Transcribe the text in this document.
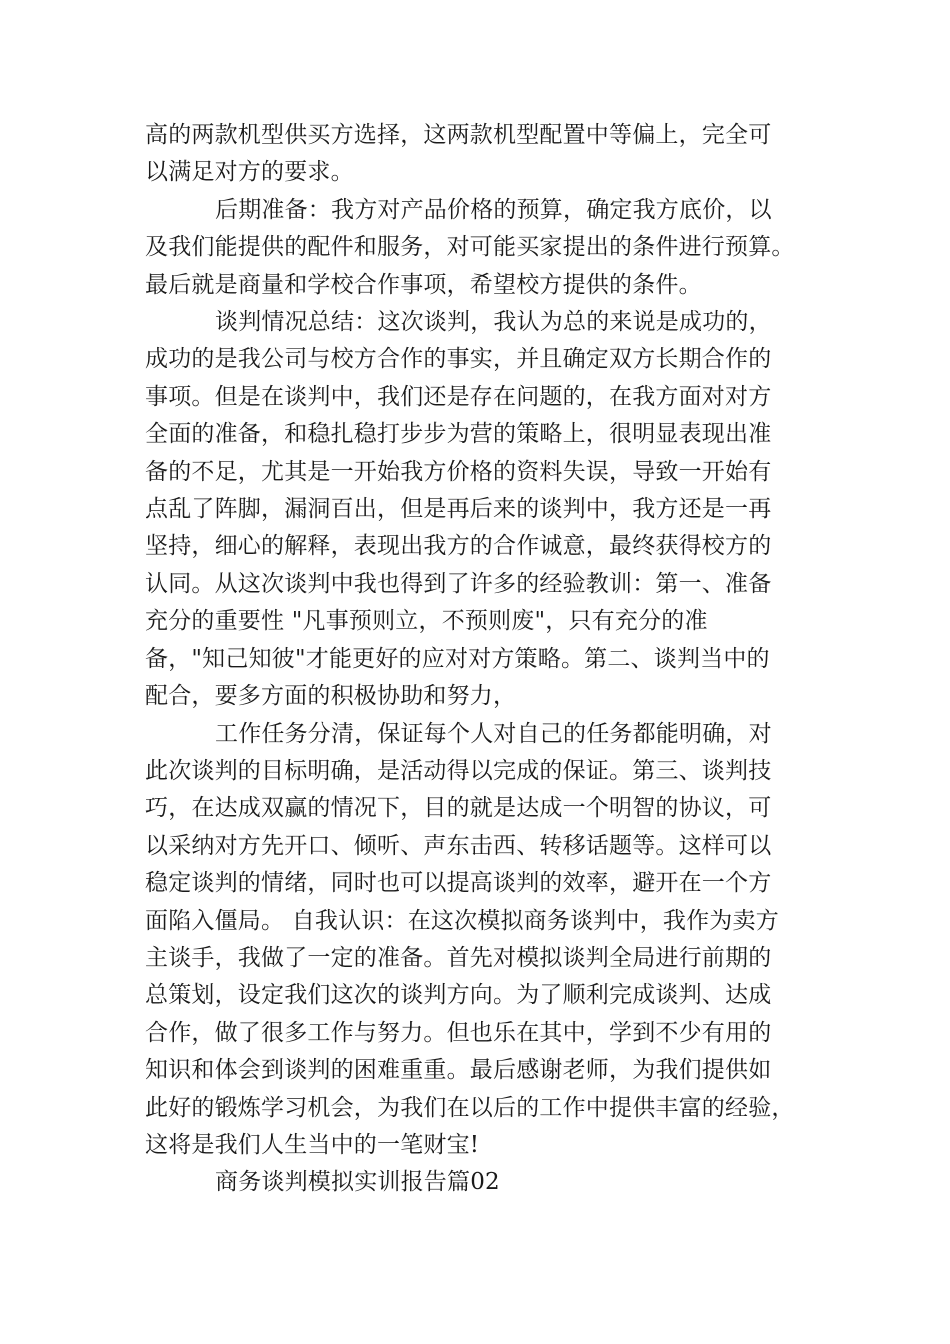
高的两款机型供买方选择，这两款机型配置中等偏上，完全可
以满足对方的要求。

后期准备：我方对产品价格的预算，确定我方底价，以
及我们能提供的配件和服务，对可能买家提出的条件进行预算。
最后就是商量和学校合作事项，希望校方提供的条件。

谈判情况总结：这次谈判，我认为总的来说是成功的，
成功的是我公司与校方合作的事实，并且确定双方长期合作的
事项。但是在谈判中，我们还是存在问题的，在我方面对对方
全面的准备，和稳扎稳打步步为营的策略上，很明显表现出准
备的不足，尤其是一开始我方价格的资料失误，导致一开始有
点乱了阵脚，漏洞百出，但是再后来的谈判中，我方还是一再
坚持，细心的解释，表现出我方的合作诚意，最终获得校方的
认同。从这次谈判中我也得到了许多的经验教训：第一、准备
充分的重要性 "凡事预则立，不预则废"，只有充分的准
备，"知己知彼"才能更好的应对对方策略。第二、谈判当中的
配合，要多方面的积极协助和努力，

工作任务分清，保证每个人对自己的任务都能明确，对
此次谈判的目标明确，是活动得以完成的保证。第三、谈判技
巧，在达成双赢的情况下，目的就是达成一个明智的协议，可
以采纳对方先开口、倾听、声东击西、转移话题等。这样可以
稳定谈判的情绪，同时也可以提高谈判的效率，避开在一个方
面陷入僵局。 自我认识：在这次模拟商务谈判中，我作为卖方
主谈手，我做了一定的准备。首先对模拟谈判全局进行前期的
总策划，设定我们这次的谈判方向。为了顺利完成谈判、达成
合作，做了很多工作与努力。但也乐在其中，学到不少有用的
知识和体会到谈判的困难重重。最后感谢老师，为我们提供如
此好的锻炼学习机会，为我们在以后的工作中提供丰富的经验，
这将是我们人生当中的一笔财宝!

商务谈判模拟实训报告篇02
